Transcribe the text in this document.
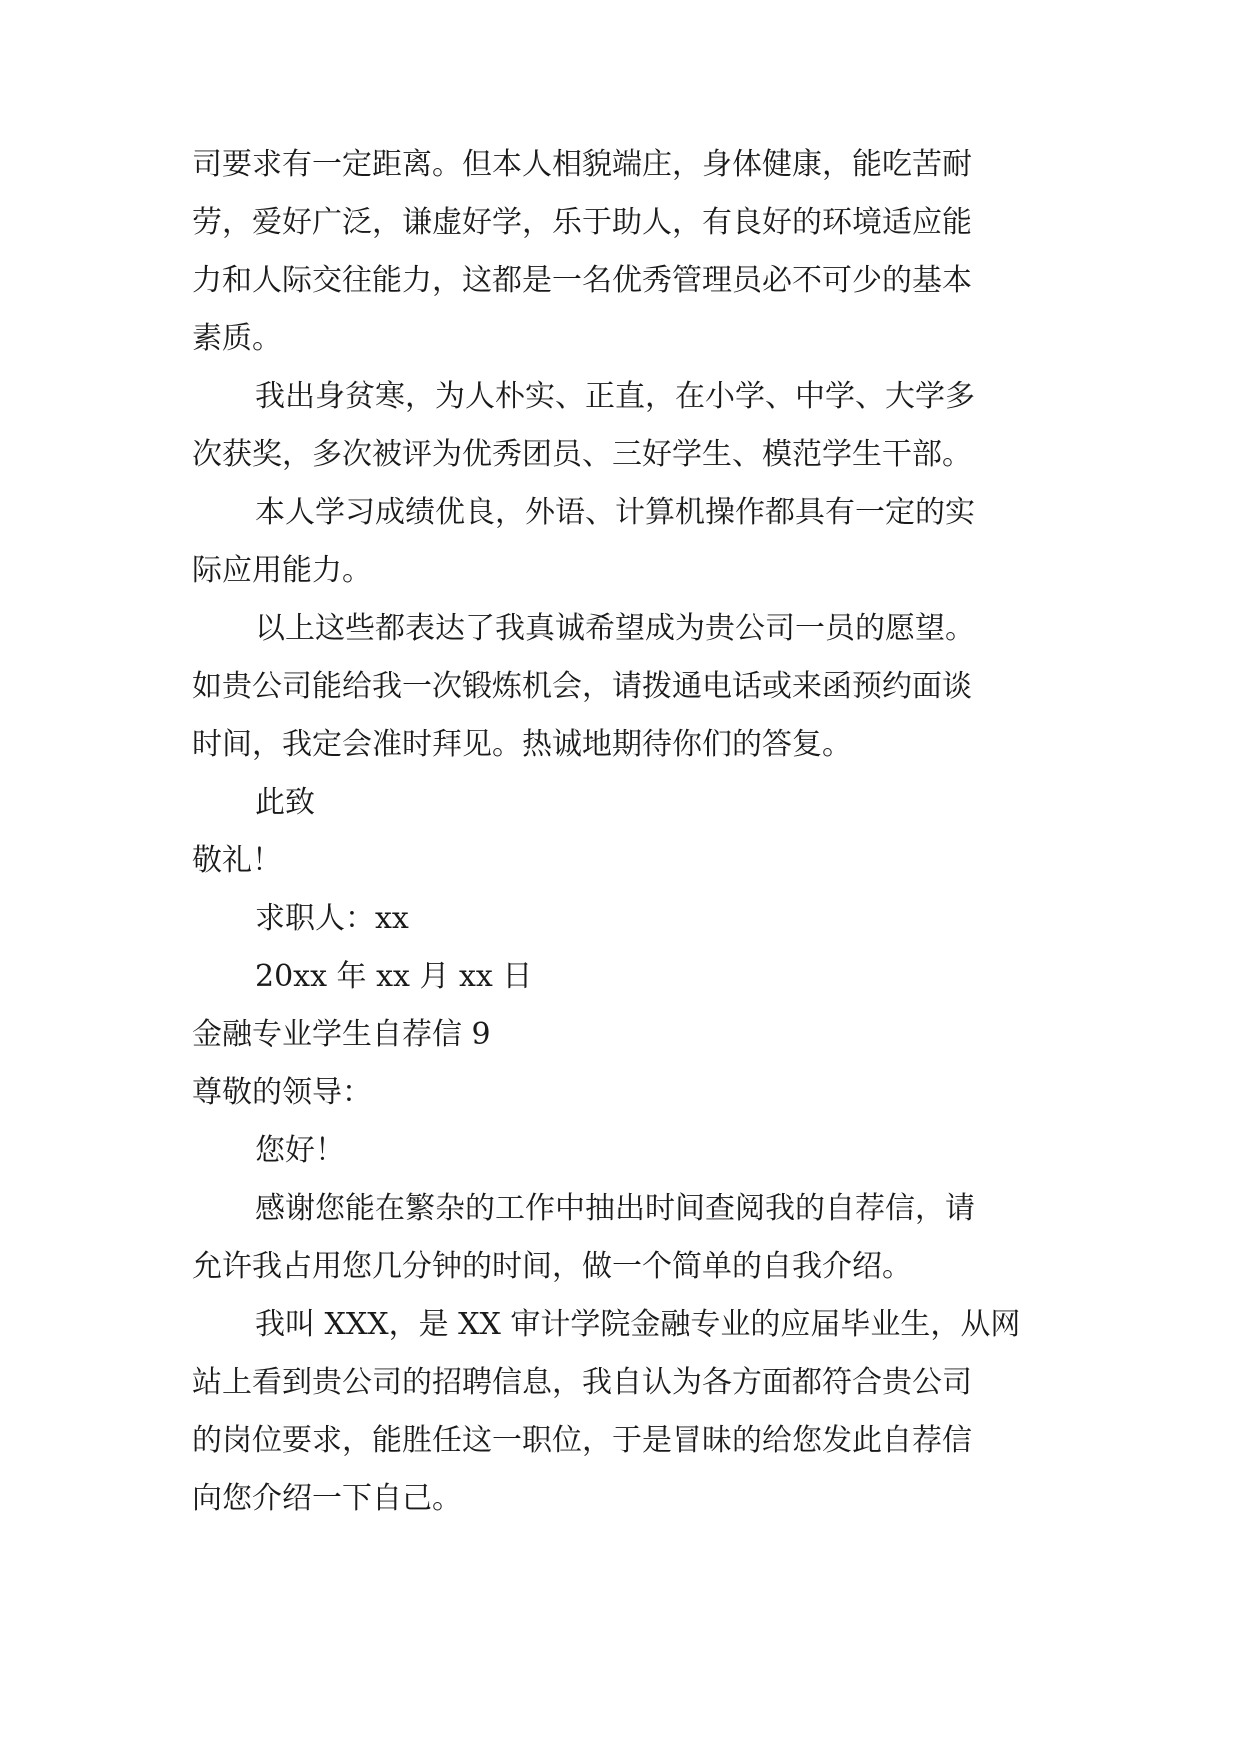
司要求有一定距离。但本人相貌端庄，身体健康，能吃苦耐
劳，爱好广泛，谦虚好学，乐于助人，有良好的环境适应能
力和人际交往能力，这都是一名优秀管理员必不可少的基本
素质。
我出身贫寒，为人朴实、正直，在小学、中学、大学多
次获奖，多次被评为优秀团员、三好学生、模范学生干部。
本人学习成绩优良，外语、计算机操作都具有一定的实
际应用能力。
以上这些都表达了我真诚希望成为贵公司一员的愿望。
如贵公司能给我一次锻炼机会，请拨通电话或来函预约面谈
时间，我定会准时拜见。热诚地期待你们的答复。
此致
敬礼！
求职人：xx
20xx 年 xx 月 xx 日
金融专业学生自荐信 9
尊敬的领导：
您好！
感谢您能在繁杂的工作中抽出时间查阅我的自荐信，请
允许我占用您几分钟的时间，做一个简单的自我介绍。
我叫 XXX，是 XX 审计学院金融专业的应届毕业生，从网
站上看到贵公司的招聘信息，我自认为各方面都符合贵公司
的岗位要求，能胜任这一职位，于是冒昧的给您发此自荐信
向您介绍一下自己。
